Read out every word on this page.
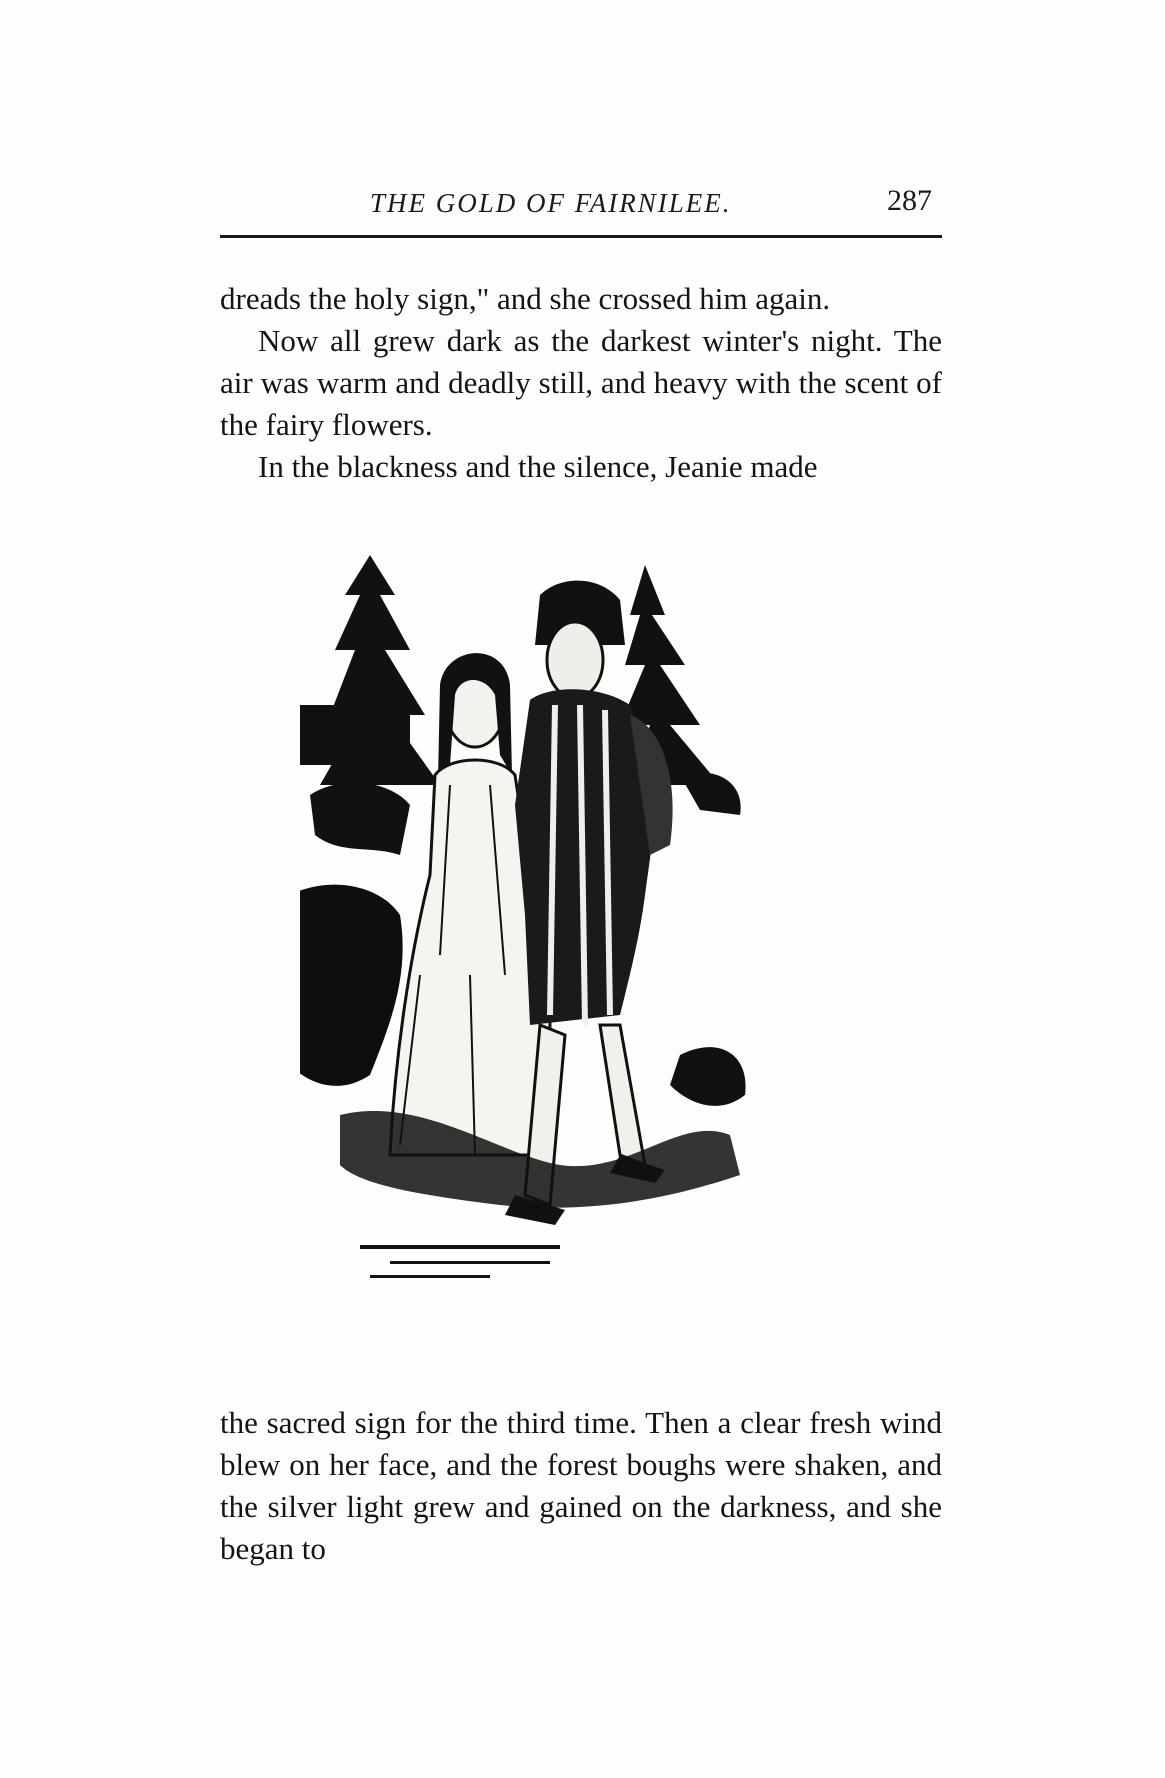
THE GOLD OF FAIRNILEE.	287

dreads the holy sign," and she crossed him again.

Now all grew dark as the darkest winter's night. The air was warm and deadly still, and heavy with the scent of the fairy flowers.

In the blackness and the silence, Jeanie made

the sacred sign for the third time. Then a clear fresh wind blew on her face, and the forest boughs were shaken, and the silver light grew and gained on the darkness, and she began to
